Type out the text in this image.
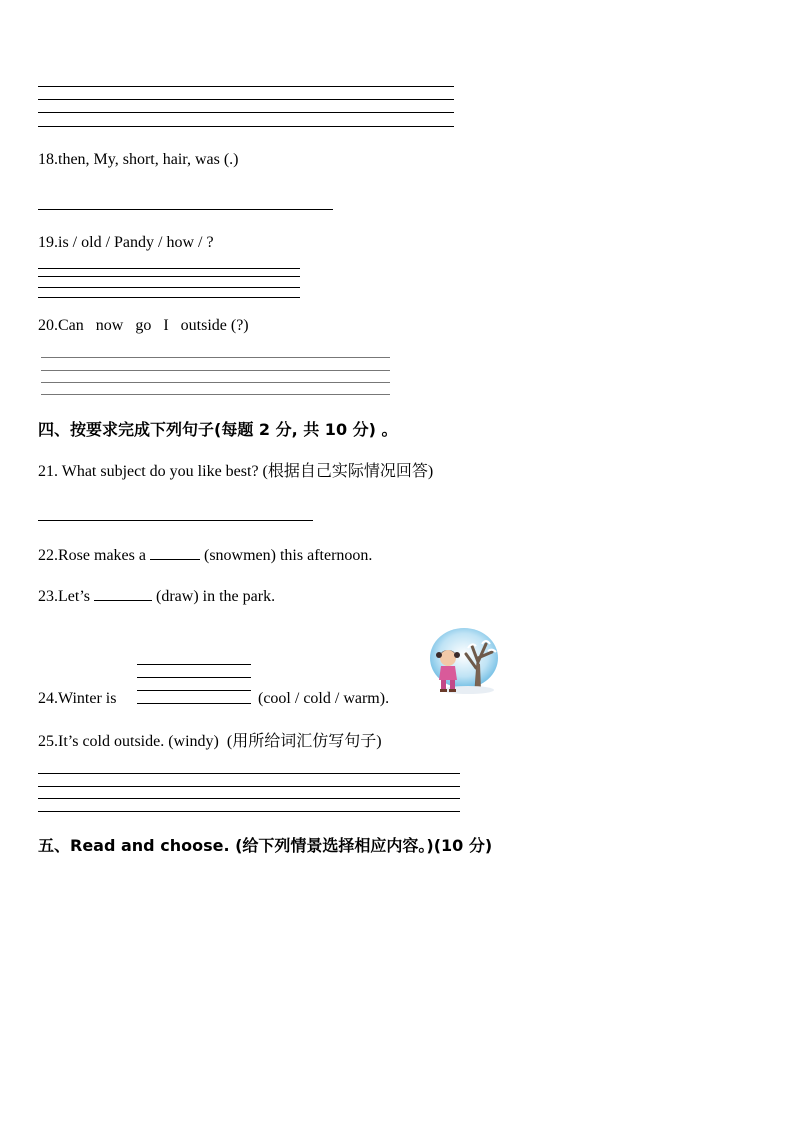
18.then, My, short, hair, was (.)
19.is / old / Pandy / how / ?
20.Can   now   go   I   outside (?)
四、按要求完成下列句子(每题 2 分, 共 10 分) 。
21. What subject do you like best? (根据自己实际情况回答)
22.Rose makes a	(snowmen) this afternoon.
23.Let’s	(draw) in the park.
24.Winter is	(cool / cold / warm).
25.It’s cold outside. (windy)  (用所给词汇仿写句子)
五、Read and choose. (给下列情景选择相应内容。)(10 分)
